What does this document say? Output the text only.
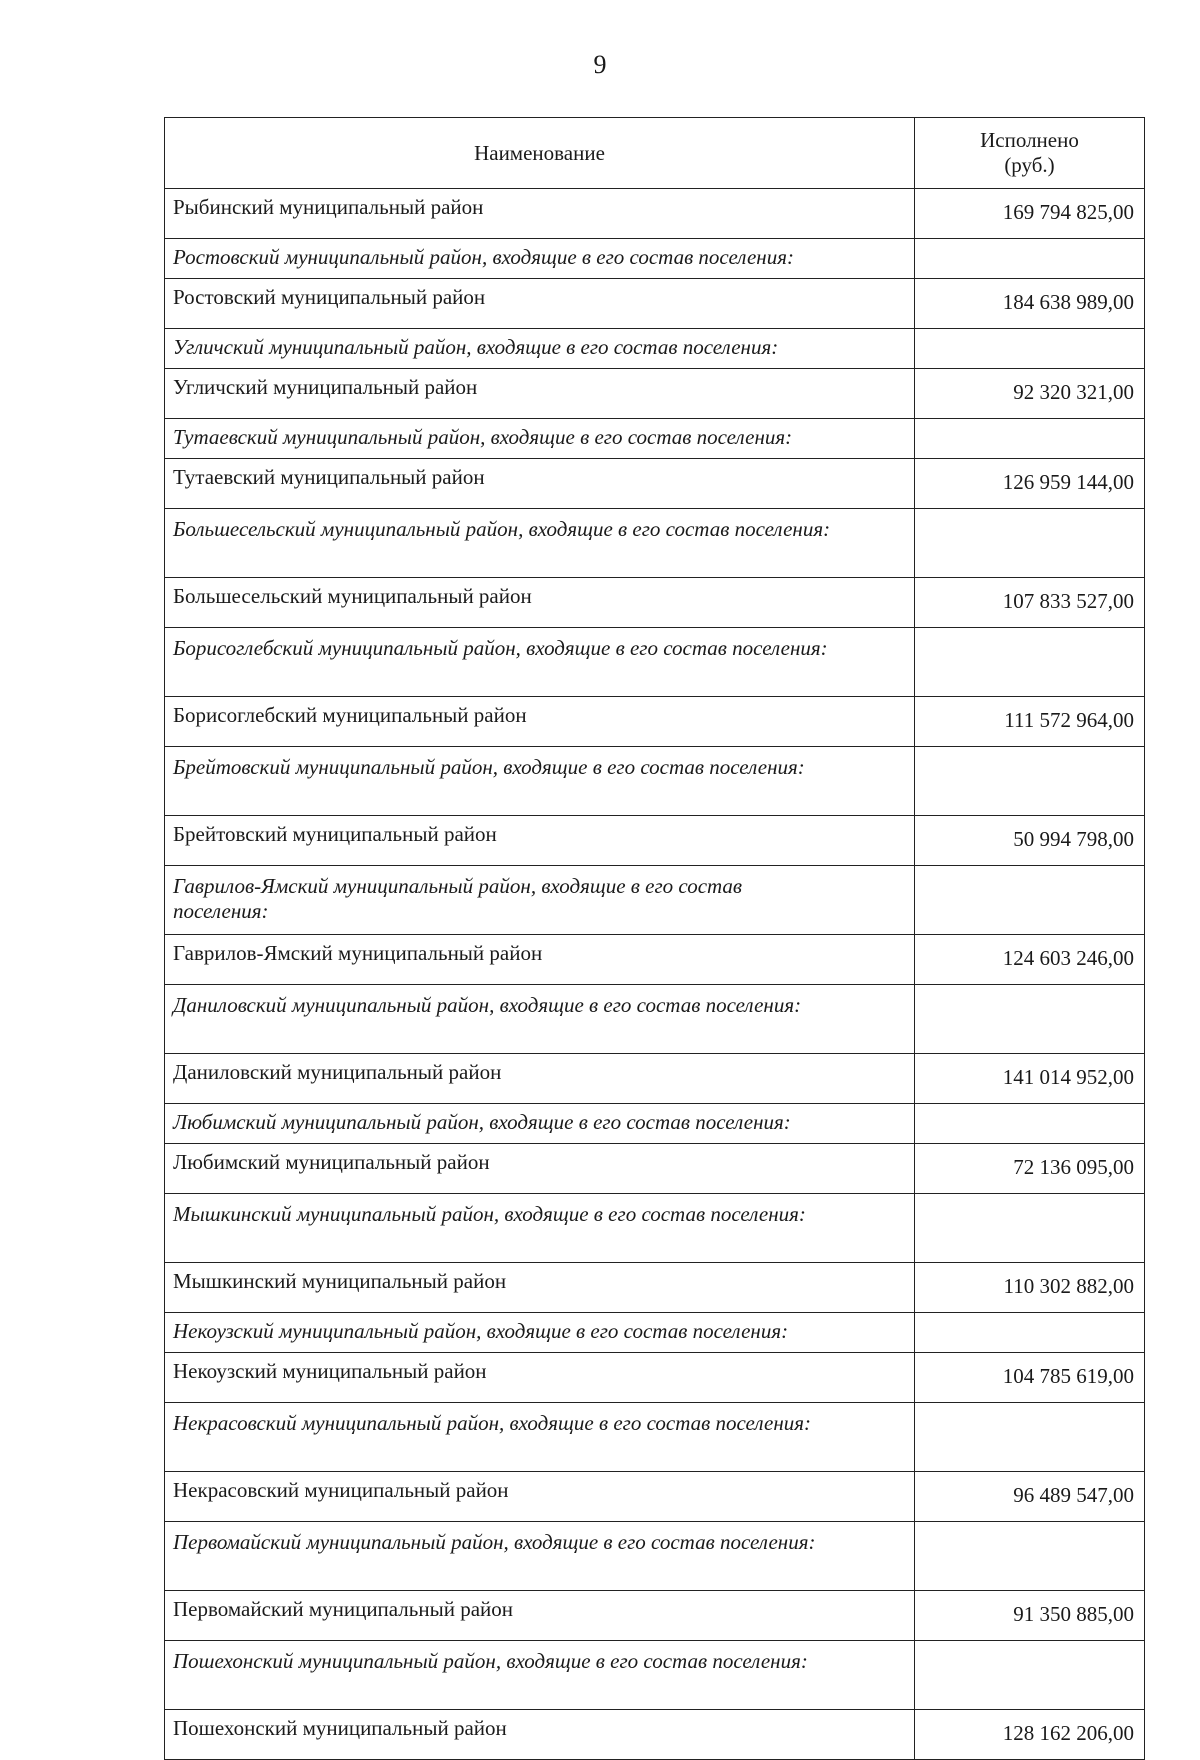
9
Наименование	Исполнено
(руб.)
Рыбинский муниципальный район	169 794 825,00
Ростовский муниципальный район, входящие в его состав поселения:	
Ростовский муниципальный район	184 638 989,00
Угличский муниципальный район, входящие в его состав поселения:	
Угличский муниципальный район	92 320 321,00
Тутаевский муниципальный район, входящие в его состав поселения:	
Тутаевский муниципальный район	126 959 144,00
Большесельский муниципальный район, входящие в его состав поселения:	
Большесельский муниципальный район	107 833 527,00
Борисоглебский муниципальный район, входящие в его состав поселения:	
Борисоглебский муниципальный район	111 572 964,00
Брейтовский муниципальный район, входящие в его состав поселения:	
Брейтовский муниципальный район	50 994 798,00
Гаврилов-Ямский муниципальный район, входящие в его состав поселения:	
Гаврилов-Ямский муниципальный район	124 603 246,00
Даниловский муниципальный район, входящие в его состав поселения:	
Даниловский муниципальный район	141 014 952,00
Любимский муниципальный район, входящие в его состав поселения:	
Любимский муниципальный район	72 136 095,00
Мышкинский муниципальный район, входящие в его состав поселения:	
Мышкинский муниципальный район	110 302 882,00
Некоузский муниципальный район, входящие в его состав поселения:	
Некоузский муниципальный район	104 785 619,00
Некрасовский муниципальный район, входящие в его состав поселения:	
Некрасовский муниципальный район	96 489 547,00
Первомайский муниципальный район, входящие в его состав поселения:	
Первомайский муниципальный район	91 350 885,00
Пошехонский муниципальный район, входящие в его состав поселения:	
Пошехонский муниципальный район	128 162 206,00
